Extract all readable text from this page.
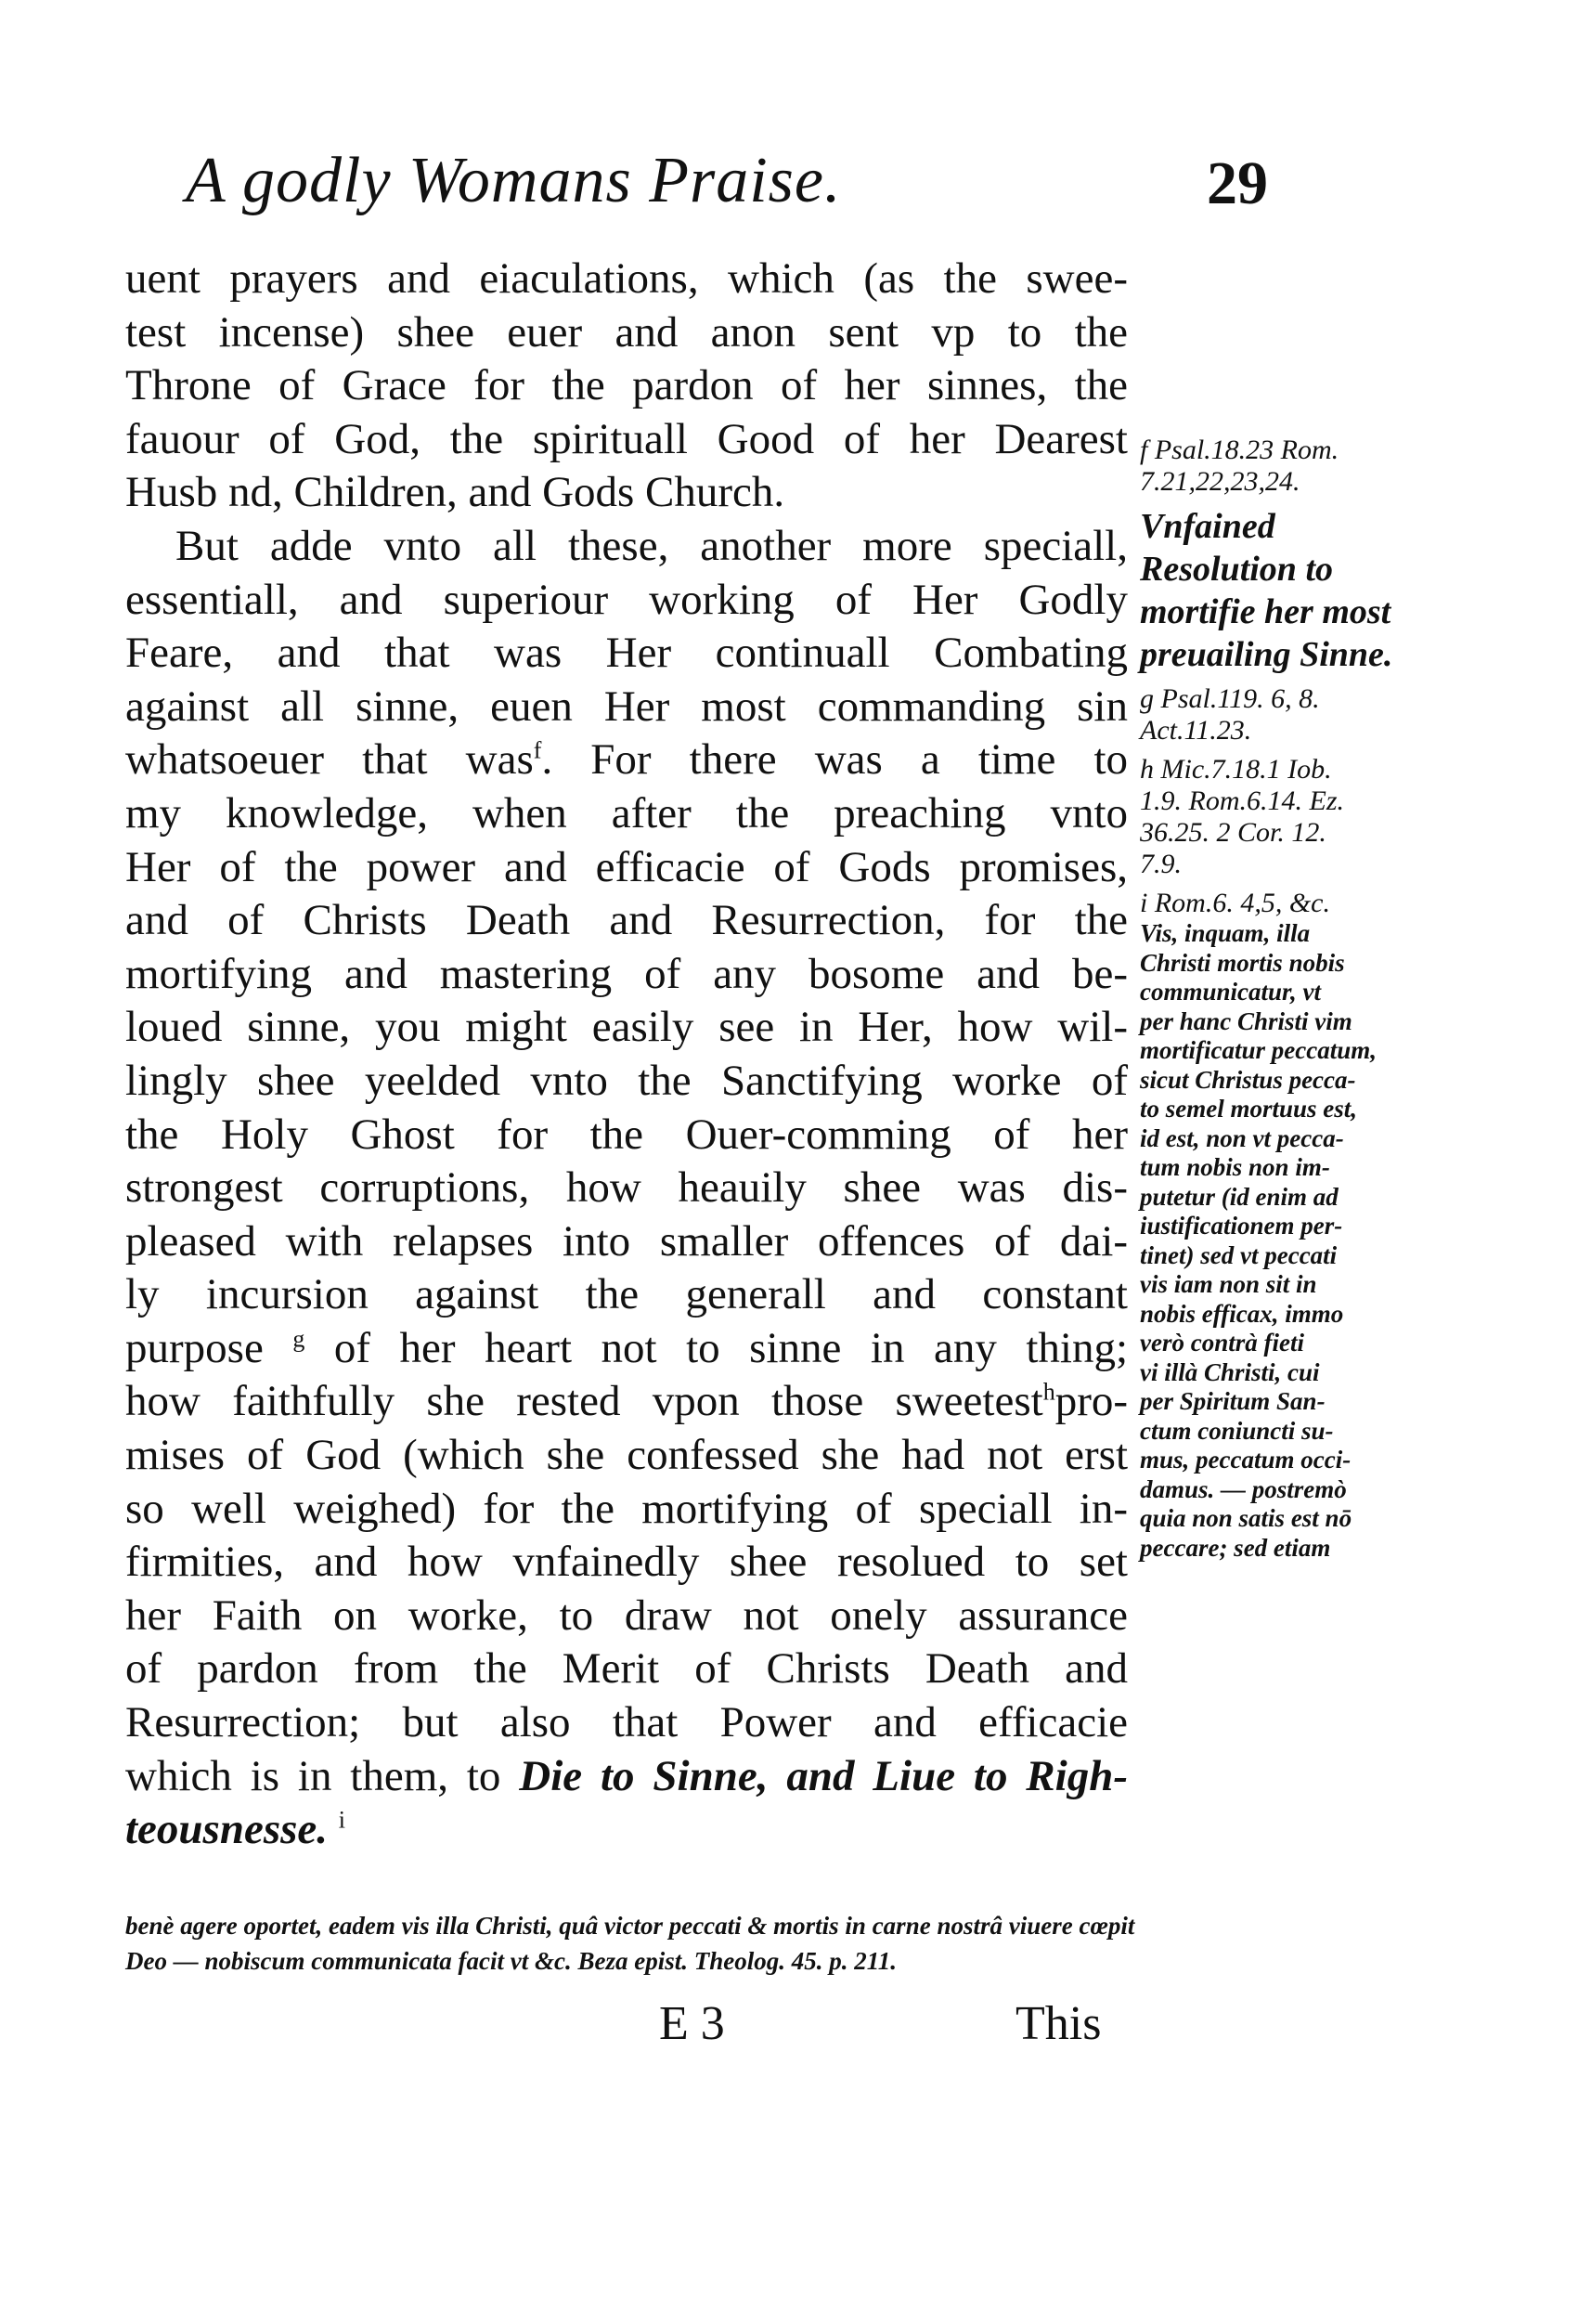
A godly Womans Praise.	29
uent prayers and eiaculations, which (as the swee-
test incense) shee euer and anon sent vp to the
Throne of Grace for the pardon of her sinnes, the
fauour of God, the spirituall Good of her Dearest
Husb nd, Children, and Gods Church.
But adde vnto all these, another more speciall,
essentiall, and superiour working of Her Godly
Feare, and that was Her continuall Combating
against all sinne, euen Her most commanding sin
whatsoeuer that was$^f$. For there was a time to
my knowledge, when after the preaching vnto
Her of the power and efficacie of Gods promises,
and of Christs Death and Resurrection, for the
mortifying and mastering of any bosome and be-
loued sinne, you might easily see in Her, how wil-
lingly shee yeelded vnto the Sanctifying worke of
the Holy Ghost for the Ouer-comming of her
strongest corruptions, how heauily shee was dis-
pleased with relapses into smaller offences of dai-
ly incursion against the generall and constant
purpose $^g$ of her heart not to sinne in any thing;
how faithfully she rested vpon those sweetest$^h$pro-
mises of God (which she confessed she had not erst
so well weighed) for the mortifying of speciall in-
firmities, and how vnfainedly shee resolued to set
her Faith on worke, to draw not onely assurance
of pardon from the Merit of Christs Death and
Resurrection; but also that Power and efficacie
which is in them, to Die to Sinne, and Liue to Righ-
teousnesse. $^i$
f Psal.18.23 Rom.
7.21,22,23,24.
Vnfained Resolution to mortifie her most preuailing Sinne.
g Psal.119. 6, 8.
Act.11.23.
h Mic.7.18.1 Iob.
1.9. Rom.6.14. Ez.
36.25. 2 Cor. 12.
7.9.
i Rom.6. 4,5, &c.
Vis, inquam, illa
Christi mortis nobis
communicatur, vt
per hanc Christi vim
mortificatur peccatum,
sicut Christus pecca-
to semel mortuus est,
id est, non vt pecca-
tum nobis non im-
putetur (id enim ad
iustificationem per-
tinet) sed vt peccati
vis iam non sit in
nobis efficax, immo
verò contrà fieti
vi illà Christi, cui
per Spiritum San-
ctum coniuncti su-
mus, peccatum occi-
damus. — postremò
quia non satis est nō
peccare; sed etiam
benè agere oportet, eadem vis illa Christi, quâ victor peccati & mortis in carne nostrâ viuere cœpit
Deo — nobiscum communicata facit vt &c. Beza epist. Theolog. 45. p. 211.
E 3	This
